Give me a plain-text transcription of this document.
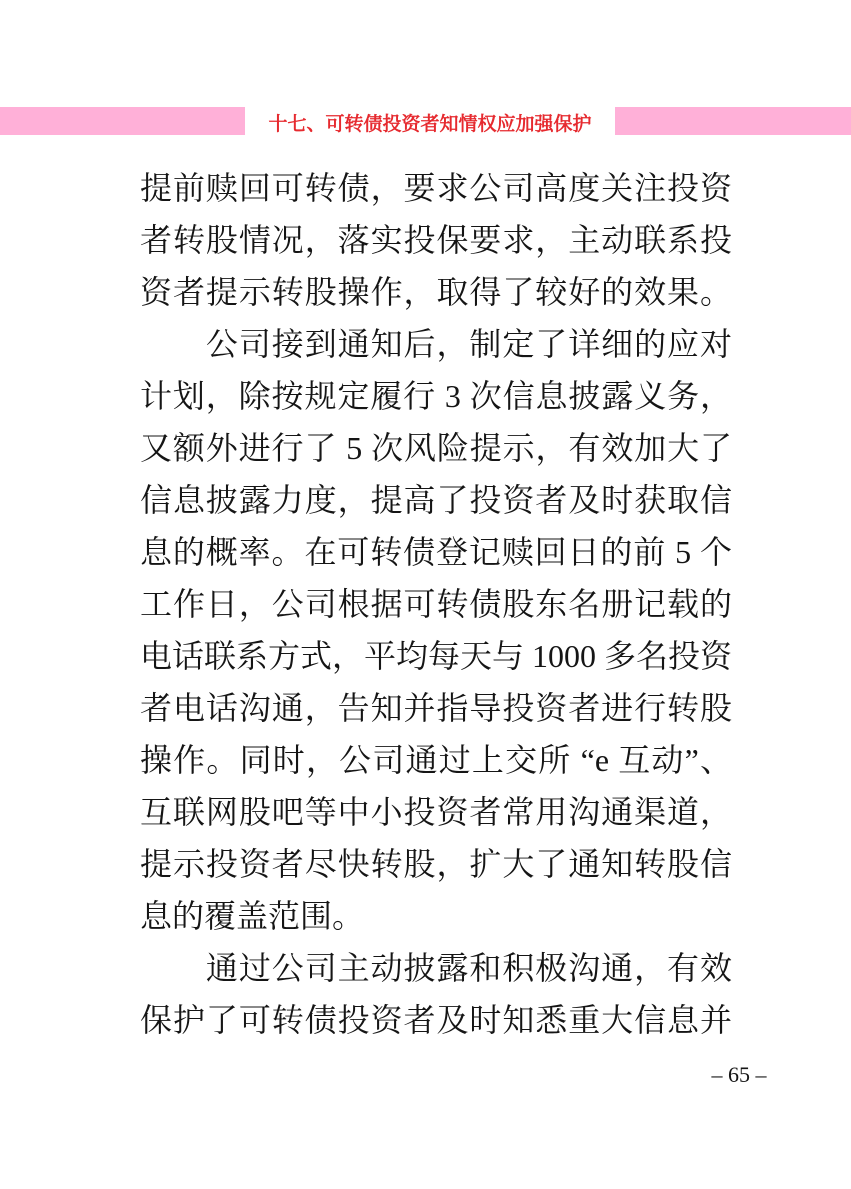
十七、可转债投资者知情权应加强保护
提前赎回可转债，要求公司高度关注投资
者转股情况，落实投保要求，主动联系投
资者提示转股操作，取得了较好的效果。
　　公司接到通知后，制定了详细的应对
计划，除按规定履行 3 次信息披露义务，
又额外进行了 5 次风险提示，有效加大了
信息披露力度，提高了投资者及时获取信
息的概率。在可转债登记赎回日的前 5 个
工作日，公司根据可转债股东名册记载的
电话联系方式，平均每天与 1000 多名投资
者电话沟通，告知并指导投资者进行转股
操作。同时，公司通过上交所 “e 互动”、
互联网股吧等中小投资者常用沟通渠道，
提示投资者尽快转股，扩大了通知转股信
息的覆盖范围。
　　通过公司主动披露和积极沟通，有效
保护了可转债投资者及时知悉重大信息并
– 65 –
